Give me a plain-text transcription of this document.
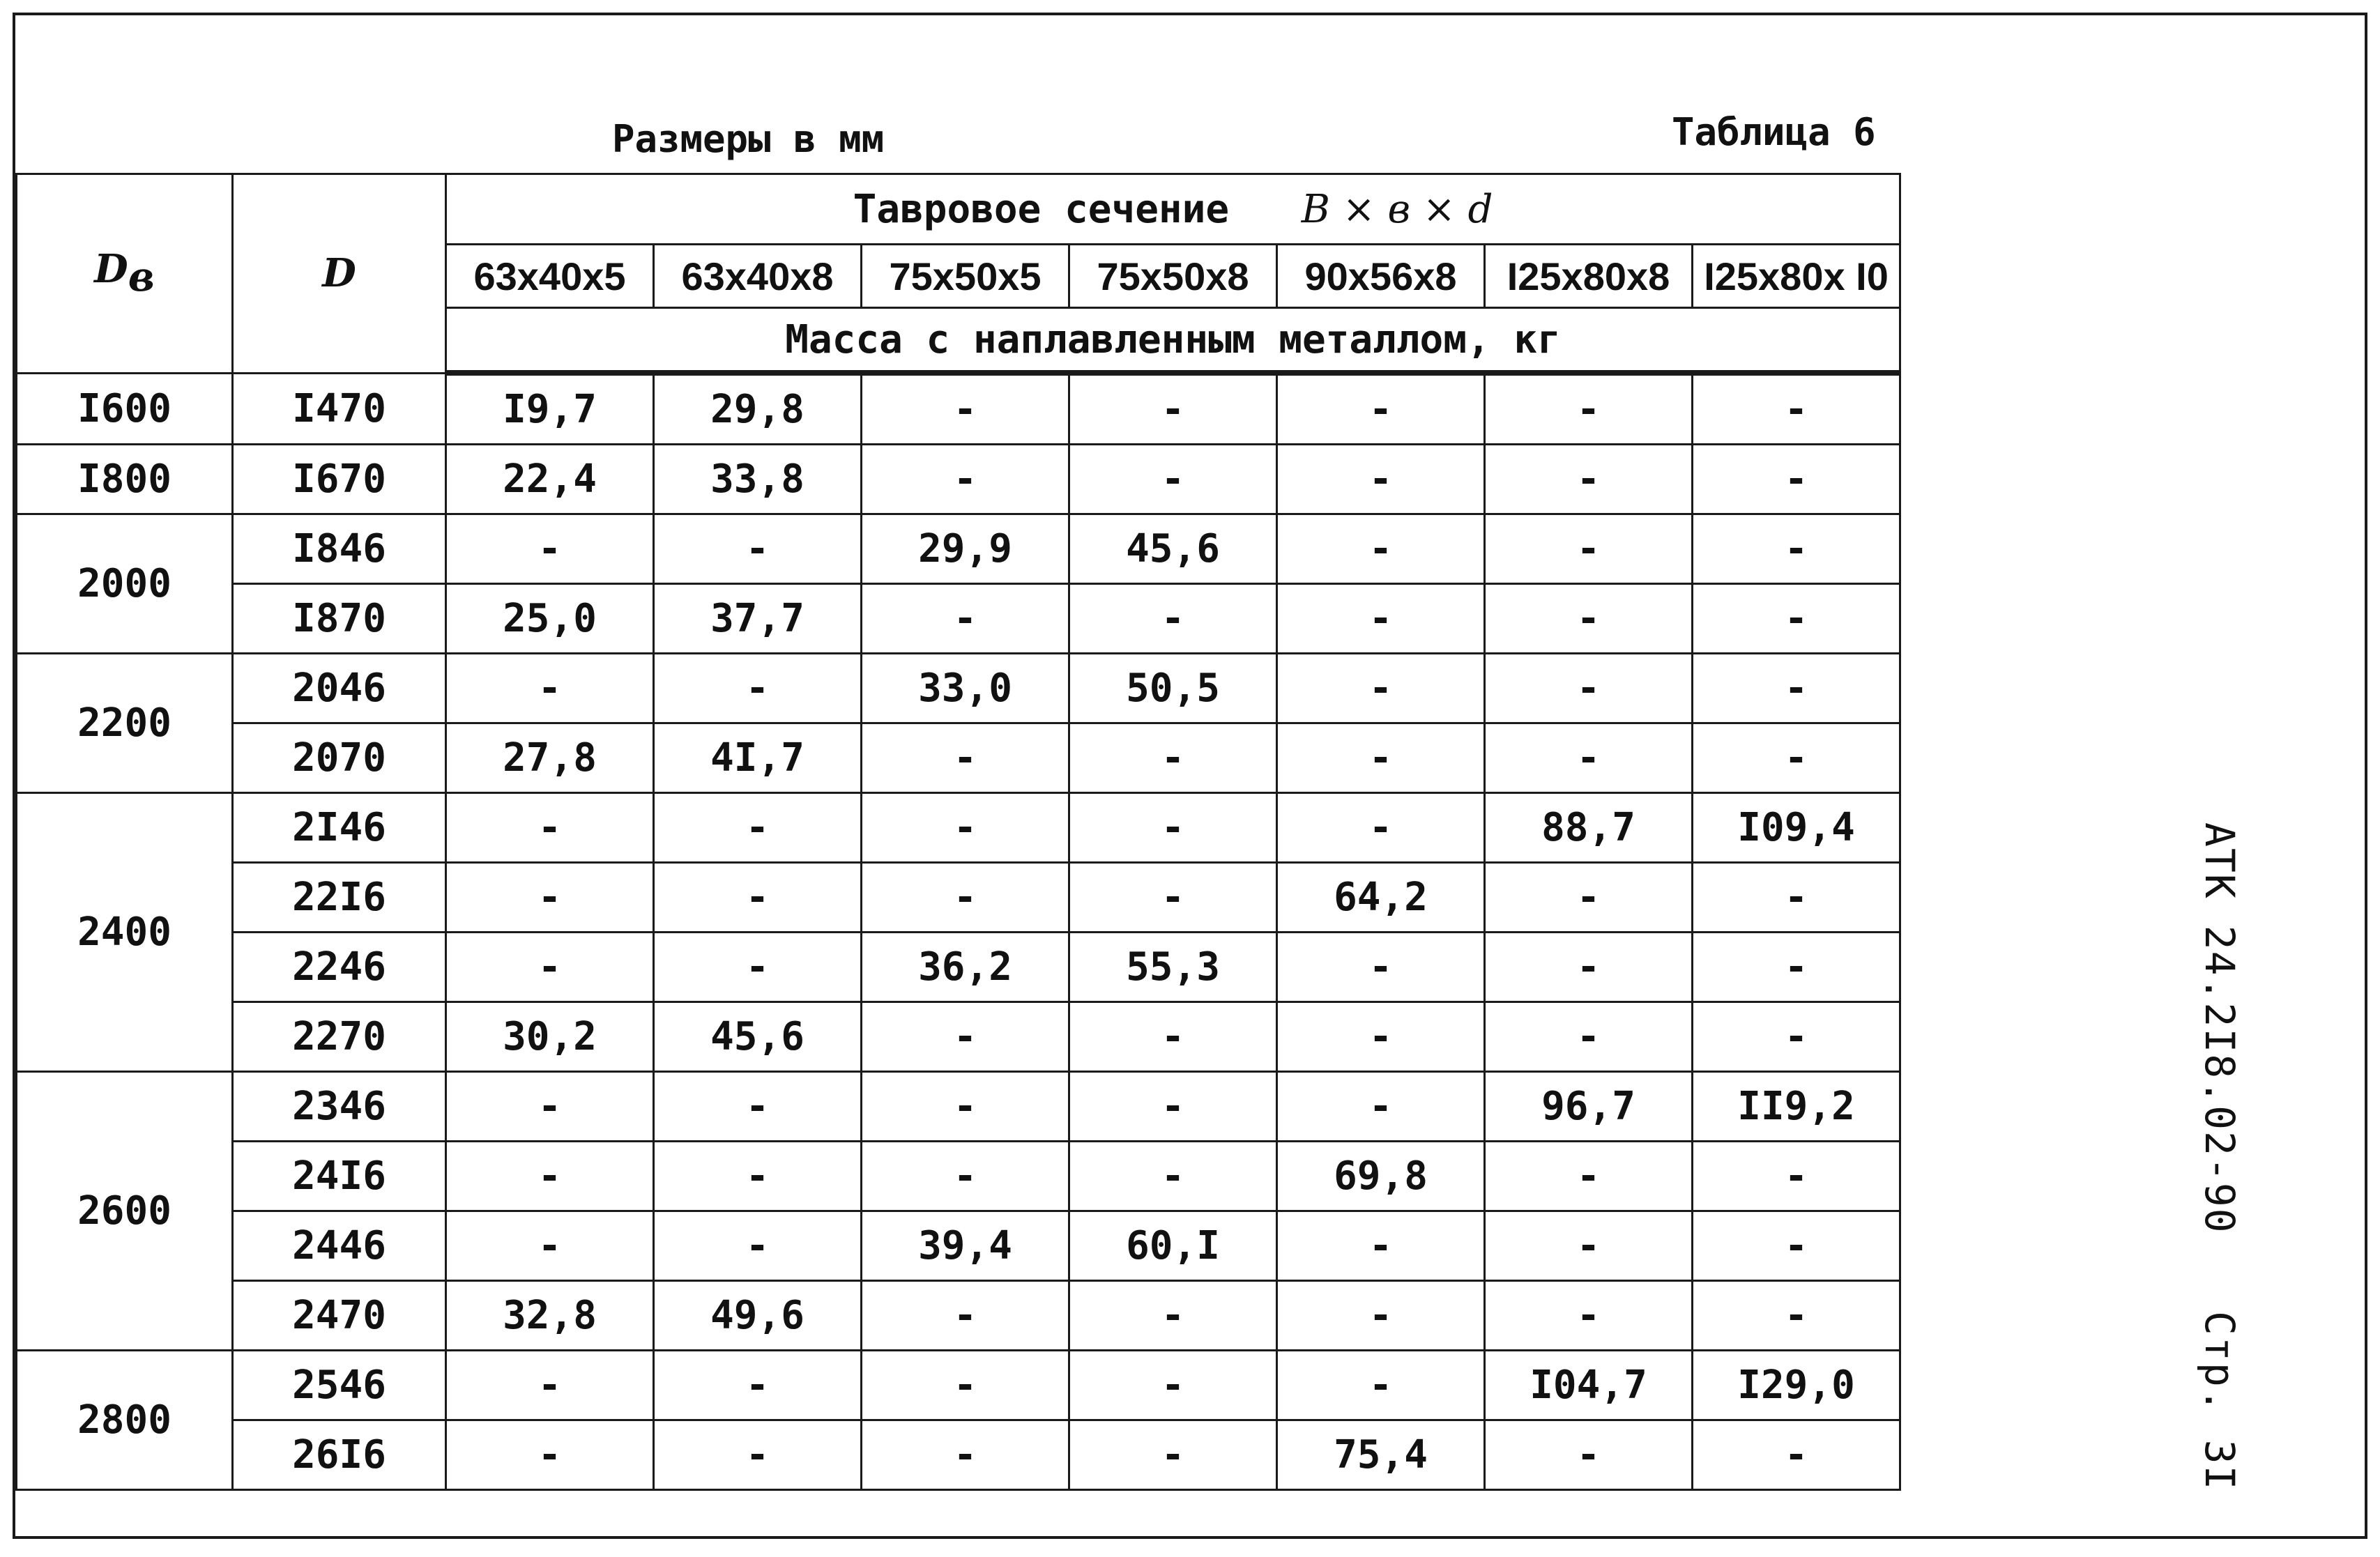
Размеры в мм	Таблица 6
$D_в$	D	Тавровое сечение B × в × d						
		63x40x5	63x40x8	75x50x5	75x50x8	90x56x8	I25x80x8	I25x80x I0
		Масса с наплавленным металлом, кг						
I600	I470	I9,7	29,8	-	-	-	-	-
I800	I670	22,4	33,8	-	-	-	-	-
2000	I846	-	-	29,9	45,6	-	-	-
	I870	25,0	37,7	-	-	-	-	-
2200	2046	-	-	33,0	50,5	-	-	-
	2070	27,8	4I,7	-	-	-	-	-
2400	2I46	-	-	-	-	-	88,7	I09,4
	22I6	-	-	-	-	64,2	-	-
	2246	-	-	36,2	55,3	-	-	-
	2270	30,2	45,6	-	-	-	-	-
2600	2346	-	-	-	-	-	96,7	II9,2
	24I6	-	-	-	-	69,8	-	-
	2446	-	-	39,4	60,I	-	-	-
	2470	32,8	49,6	-	-	-	-	-
2800	2546	-	-	-	-	-	I04,7	I29,0
	26I6	-	-	-	-	75,4	-	-
АТК 24.2I8.02-90Стр. 3I
